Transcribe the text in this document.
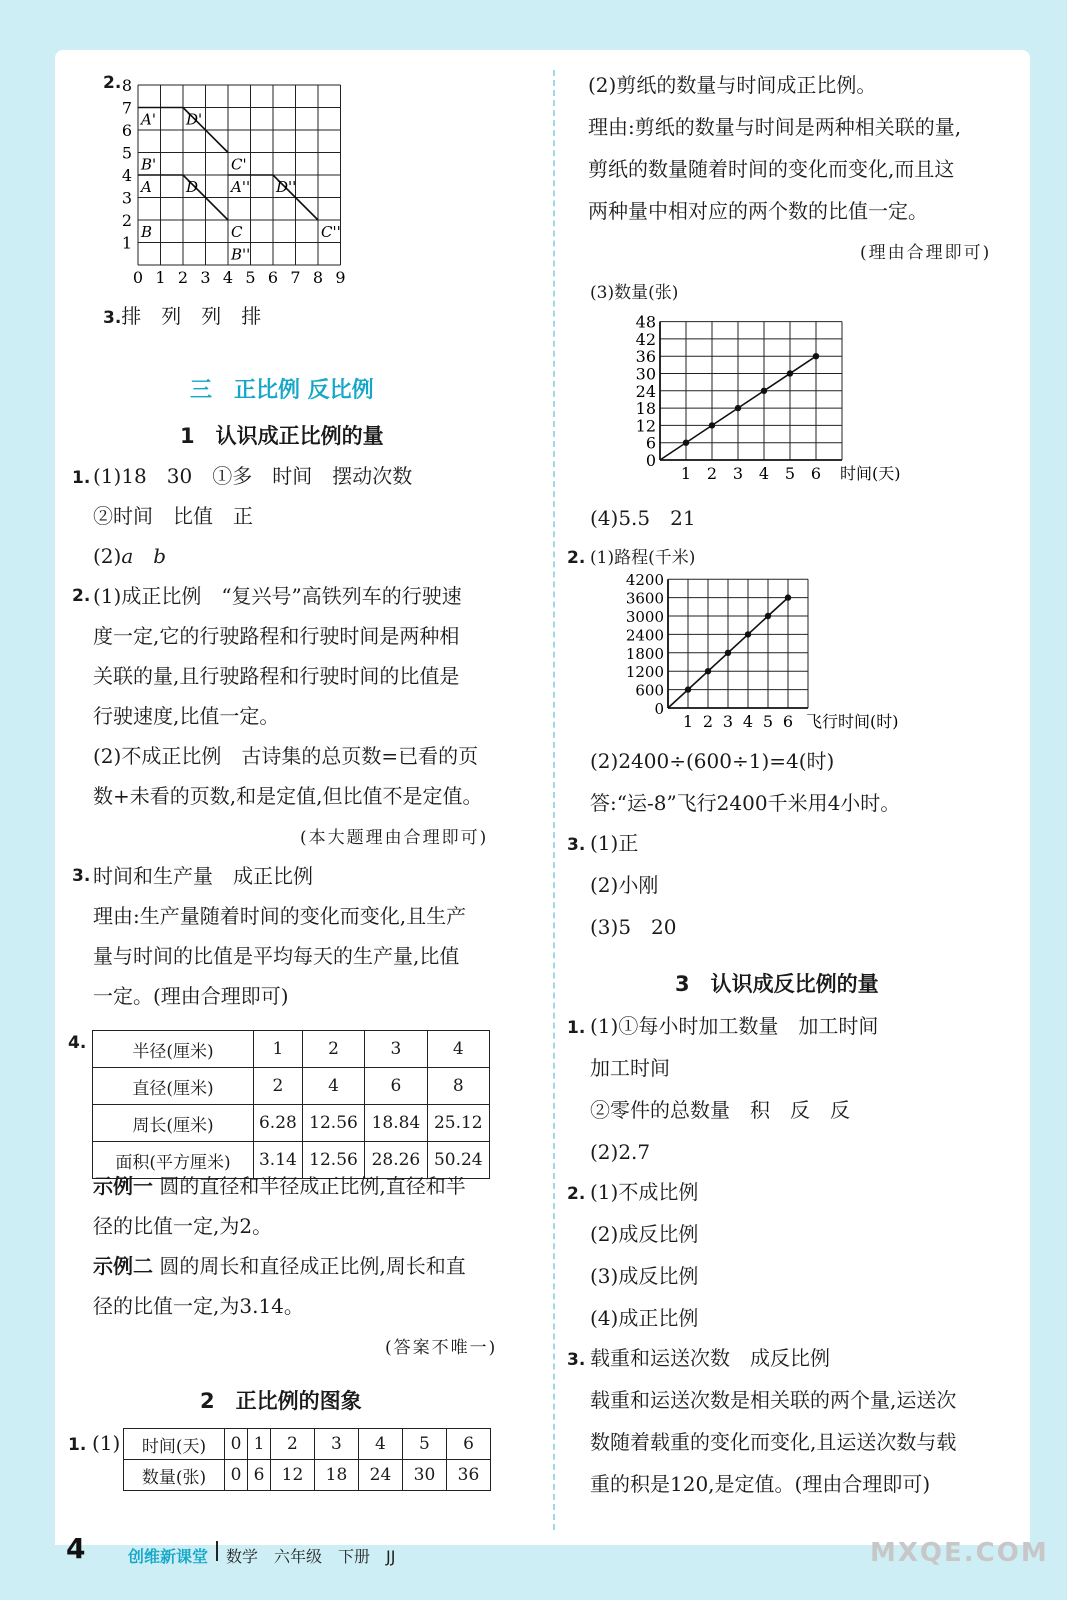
2.
0 1 2 3 4 5 6 7 8 9
1
2
3
4
5
6
7
8
A' D'
C'
B'
A D A'' D''
B	C	C''
B''
3.排　列　列　排
三　正比例 反比例
1　认识成正比例的量
1. (1)18　30　①多　时间　摆动次数
②时间　比值　正
(2)a　 b
2. (1)成正比例　“复兴号”高铁列车的行驶速
度一定,它的行驶路程和行驶时间是两种相
关联的量,且行驶路程和行驶时间的比值是
行驶速度,比值一定。
(2)不成正比例　古诗集的总页数=已看的页
数+未看的页数,和是定值,但比值不是定值。
(本大题理由合理即可)
3. 时间和生产量　成正比例
理由:生产量随着时间的变化而变化,且生产
量与时间的比值是平均每天的生产量,比值
一定。(理由合理即可)
4.	半径(厘米)	1	2	3	4
直径(厘米)	2	4	6	8
周长(厘米)	6.28	12.56	18.84	25.12
面积(平方厘米)	3.14	12.56	28.26	50.24
示例一 圆的直径和半径成正比例,直径和半
径的比值一定,为2。
示例二 圆的周长和直径成正比例,周长和直
径的比值一定,为3.14。
(答案不唯一)
2　正比例的图象
1. (1) 时间(天)	0	1	2	3	4	5	6
数量(张)	0	6	12	18	24	30	36
(2)剪纸的数量与时间成正比例。
理由:剪纸的数量与时间是两种相关联的量,
剪纸的数量随着时间的变化而变化,而且这
两种量中相对应的两个数的比值一定。
(理由合理即可)
(3)数量(张)
0
6
12
18
24
30
36
42
48
1 2 3 4 5 6 时间(天)
(4)5.5　21
2. (1)路程(千米)
0
600
1200
1800
2400
3000
3600
4200
1 2 3 4 5 6 飞行时间(时)
(2)2400÷(600÷1)=4(时)
答:“运-8”飞行2400千米用4小时。
3. (1)正
(2)小刚
(3)5　20
3　认识成反比例的量
1. (1)①每小时加工数量　加工时间
加工时间
②零件的总数量　积　反　反
(2)2.7
2. (1)不成比例
(2)成反比例
(3)成反比例
(4)成正比例
3. 载重和运送次数　成反比例
载重和运送次数是相关联的两个量,运送次
数随着载重的变化而变化,且运送次数与载
重的积是120,是定值。(理由合理即可)
4	创维新课堂 数学　六年级　下册　JJ	MXQE.COM
